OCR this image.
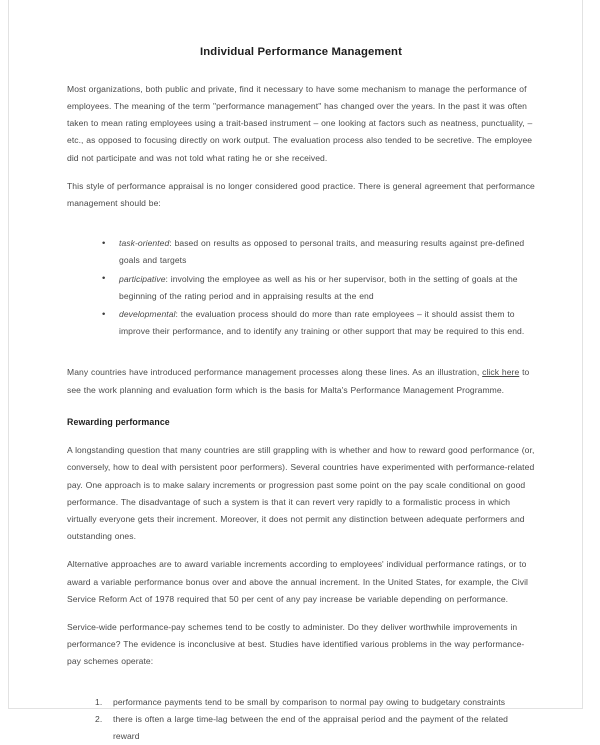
Individual Performance Management

Most organizations, both public and private, find it necessary to have some mechanism to manage the performance of employees. The meaning of the term "performance management" has changed over the years. In the past it was often taken to mean rating employees using a trait-based instrument – one looking at factors such as neatness, punctuality, – etc., as opposed to focusing directly on work output. The evaluation process also tended to be secretive. The employee did not participate and was not told what rating he or she received.

This style of performance appraisal is no longer considered good practice. There is general agreement that performance management should be:

• task-oriented: based on results as opposed to personal traits, and measuring results against pre-defined goals and targets
• participative: involving the employee as well as his or her supervisor, both in the setting of goals at the beginning of the rating period and in appraising results at the end
• developmental: the evaluation process should do more than rate employees – it should assist them to improve their performance, and to identify any training or other support that may be required to this end.

Many countries have introduced performance management processes along these lines. As an illustration, click here to see the work planning and evaluation form which is the basis for Malta's Performance Management Programme.

Rewarding performance

A longstanding question that many countries are still grappling with is whether and how to reward good performance (or, conversely, how to deal with persistent poor performers). Several countries have experimented with performance-related pay. One approach is to make salary increments or progression past some point on the pay scale conditional on good performance. The disadvantage of such a system is that it can revert very rapidly to a formalistic process in which virtually everyone gets their increment. Moreover, it does not permit any distinction between adequate performers and outstanding ones.

Alternative approaches are to award variable increments according to employees' individual performance ratings, or to award a variable performance bonus over and above the annual increment. In the United States, for example, the Civil Service Reform Act of 1978 required that 50 per cent of any pay increase be variable depending on performance.

Service-wide performance-pay schemes tend to be costly to administer. Do they deliver worthwhile improvements in performance? The evidence is inconclusive at best. Studies have identified various problems in the way performance-pay schemes operate:

performance payments tend to be small by comparison to normal pay owing to budgetary constraints
there is often a large time-lag between the end of the appraisal period and the payment of the related reward
